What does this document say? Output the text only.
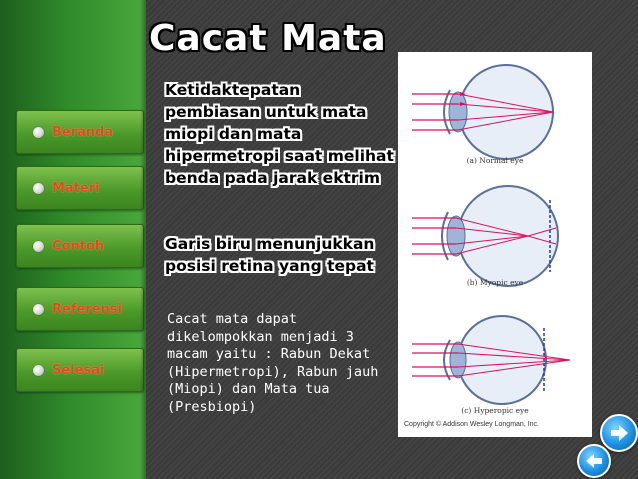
Beranda
Materi
Contoh
Referensi
Selesai
Cacat Mata

Ketidaktepatan pembiasan untuk mata miopi dan mata hipermetropi saat melihat benda pada jarak ektrim

Garis biru menunjukkan posisi retina yang tepat

Cacat mata dapat dikelompokkan menjadi 3 macam yaitu : Rabun Dekat (Hipermetropi), Rabun jauh (Miopi) dan Mata tua (Presbiopi)

(a) Normal eye
(b) Myopic eye
(c) Hyperopic eye
Copyright © Addison Wesley Longman, Inc.
